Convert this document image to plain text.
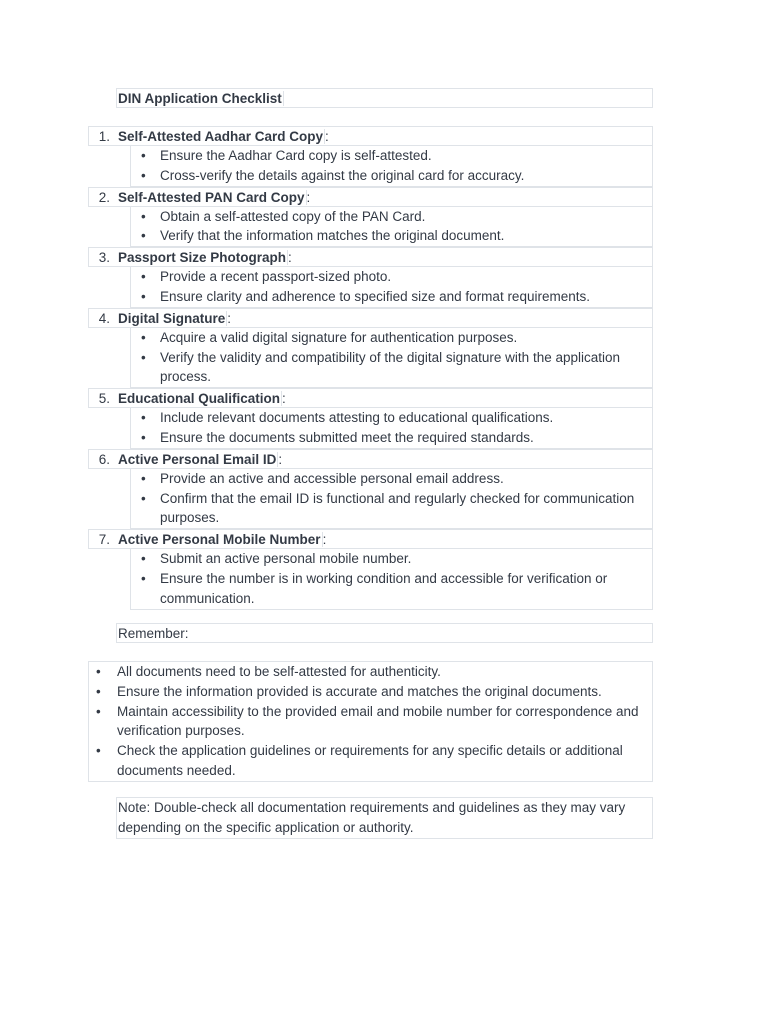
DIN Application Checklist
1. Self-Attested Aadhar Card Copy :
• Ensure the Aadhar Card copy is self-attested.
• Cross-verify the details against the original card for accuracy.
2. Self-Attested PAN Card Copy :
• Obtain a self-attested copy of the PAN Card.
• Verify that the information matches the original document.
3. Passport Size Photograph :
• Provide a recent passport-sized photo.
• Ensure clarity and adherence to specified size and format requirements.
4. Digital Signature :
• Acquire a valid digital signature for authentication purposes.
• Verify the validity and compatibility of the digital signature with the application process.
5. Educational Qualification :
• Include relevant documents attesting to educational qualifications.
• Ensure the documents submitted meet the required standards.
6. Active Personal Email ID :
• Provide an active and accessible personal email address.
• Confirm that the email ID is functional and regularly checked for communication purposes.
7. Active Personal Mobile Number :
• Submit an active personal mobile number.
• Ensure the number is in working condition and accessible for verification or communication.
Remember:
• All documents need to be self-attested for authenticity.
• Ensure the information provided is accurate and matches the original documents.
• Maintain accessibility to the provided email and mobile number for correspondence and verification purposes.
• Check the application guidelines or requirements for any specific details or additional documents needed.
Note: Double-check all documentation requirements and guidelines as they may vary depending on the specific application or authority.
